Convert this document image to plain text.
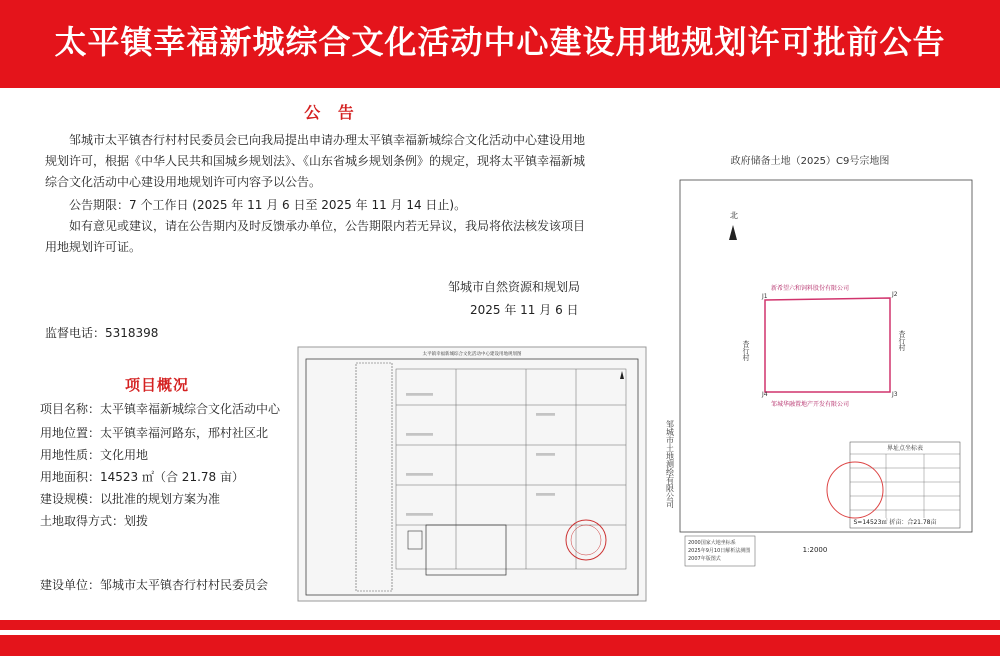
太平镇幸福新城综合文化活动中心建设用地规划许可批前公告
公 告
邹城市太平镇杏行村村民委员会已向我局提出申请办理太平镇幸福新城综合文化活动中心建设用地
规划许可，根据《中华人民共和国城乡规划法》、《山东省城乡规划条例》的规定，现将太平镇幸福新城
综合文化活动中心建设用地规划许可内容予以公告。
公告期限：7 个工作日 (2025 年 11 月 6 日至 2025 年 11 月 14 日止)。
如有意见或建议，请在公告期内及时反馈承办单位，公告期限内若无异议，我局将依法核发该项目
用地规划许可证。
邹城市自然资源和规划局
2025 年 11 月 6 日
监督电话：5318398
项目概况
项目名称：太平镇幸福新城综合文化活动中心
用地位置：太平镇幸福河路东，邢村社区北
用地性质：文化用地
用地面积：14523 ㎡（合 21.78 亩）
建设规模：以批准的规划方案为准
土地取得方式：划拨
建设单位：邹城市太平镇杏行村村民委员会
太平镇幸福新城综合文化活动中心建设用地规划图
|||||||||||||||||||||||||||
|||||||||||||||||||||||||||
|||||||||||||||||||||||||||
|||||||||||||||||||||||||||
|||||||||||||||||||
|||||||||||||||||||
|||||||||||||||||||
政府储备土地（2025）C9号宗地图
北
新希望六和饲料股份有限公司
邹城华融置地产开发有限公司
J1	J2
J3
J4
杏行村	杏行村
邹城市土地测绘有限公司	界址点坐标表
S=14523㎡ 折亩：合21.78亩
1:2000
2000国家大地坐标系
2025年9月10日解析法测图
2007年版图式
